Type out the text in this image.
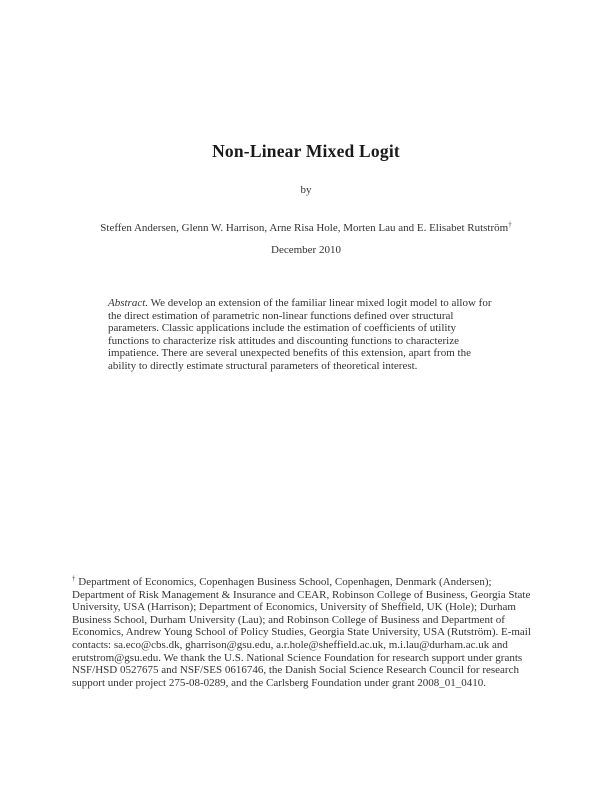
Non-Linear Mixed Logit
by
Steffen Andersen, Glenn W. Harrison, Arne Risa Hole, Morten Lau and E. Elisabet Rutström†
December 2010
Abstract. We develop an extension of the familiar linear mixed logit model to allow for the direct estimation of parametric non-linear functions defined over structural parameters. Classic applications include the estimation of coefficients of utility functions to characterize risk attitudes and discounting functions to characterize impatience. There are several unexpected benefits of this extension, apart from the ability to directly estimate structural parameters of theoretical interest.
† Department of Economics, Copenhagen Business School, Copenhagen, Denmark (Andersen); Department of Risk Management & Insurance and CEAR, Robinson College of Business, Georgia State University, USA (Harrison); Department of Economics, University of Sheffield, UK (Hole); Durham Business School, Durham University (Lau); and Robinson College of Business and Department of Economics, Andrew Young School of Policy Studies, Georgia State University, USA (Rutström). E-mail contacts: sa.eco@cbs.dk, gharrison@gsu.edu, a.r.hole@sheffield.ac.uk, m.i.lau@durham.ac.uk and erutstrom@gsu.edu. We thank the U.S. National Science Foundation for research support under grants NSF/HSD 0527675 and NSF/SES 0616746, the Danish Social Science Research Council for research support under project 275-08-0289, and the Carlsberg Foundation under grant 2008_01_0410.
